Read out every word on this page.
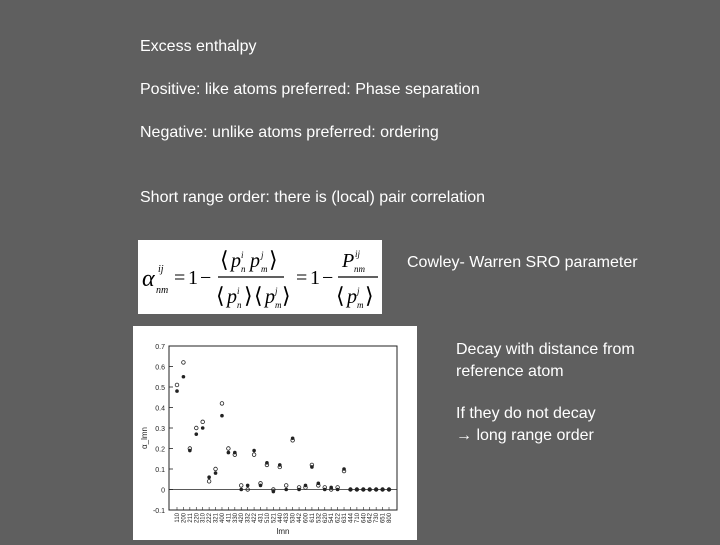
Excess enthalpy
Positive: like atoms preferred: Phase separation
Negative: unlike atoms preferred: ordering
Short range order: there is (local) pair correlation
α ij
nm
= 1 −
⟨ p i
n p j
m ⟩
⟨ p i
n ⟩ ⟨ p j
m ⟩
= 1 −
P ij
nm
⟨ p j
m ⟩
Cowley- Warren SRO parameter
-0.1
0
0.1
0.2
0.3
0.4
0.5
0.6
0.7
α_lmn
110 200 211 220 310 222 321 400 411 330 420 332 422 431 510 521 440 433 530 442 600 611 532 620 541 622 631 444 710 640 642 730 651 800
lmn
Decay with distance from
reference atom
If they do not decay
→ long range order
